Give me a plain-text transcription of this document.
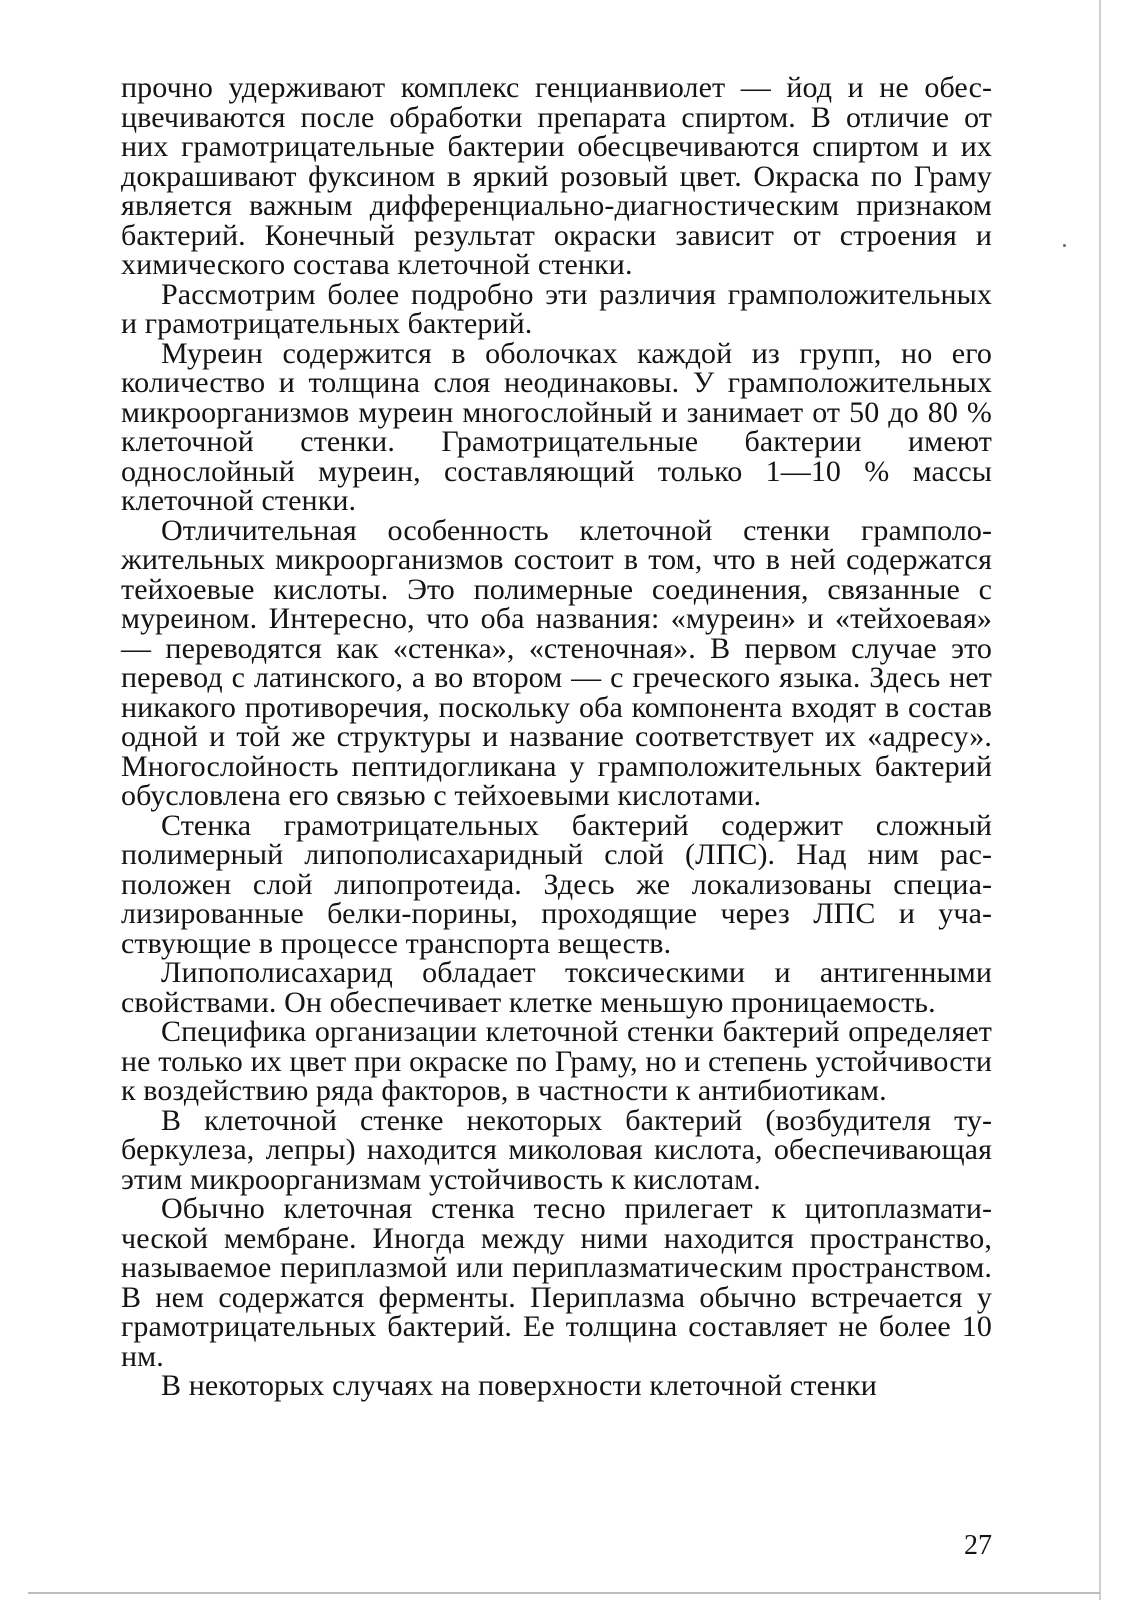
прочно удерживают комплекс генцианвиолет — йод и не обесцвечиваются после обработки препарата спиртом. В отличие от них грамотрицательные бактерии обесцвечиваются спиртом и их докрашивают фуксином в яркий розовый цвет. Окраска по Граму является важным дифференциально-диагностическим признаком бактерий. Конечный результат окраски зависит от строения и химического состава клеточной стенки.

Рассмотрим более подробно эти различия грамположительных и грамотрицательных бактерий.

Муреин содержится в оболочках каждой из групп, но его количество и толщина слоя неодинаковы. У грамположительных микроорганизмов муреин многослойный и занимает от 50 до 80 % клеточной стенки. Грамотрицательные бактерии имеют однослойный муреин, составляющий только 1—10 % массы клеточной стенки.

Отличительная особенность клеточной стенки грамположительных микроорганизмов состоит в том, что в ней содержатся тейхоевые кислоты. Это полимерные соединения, связанные с муреином. Интересно, что оба названия: «муреин» и «тейхоевая» — переводятся как «стенка», «стеночная». В первом случае это перевод с латинского, а во втором — с греческого языка. Здесь нет никакого противоречия, поскольку оба компонента входят в состав одной и той же структуры и название соответствует их «адресу». Многослойность пептидогликана у грамположительных бактерий обусловлена его связью с тейхоевыми кислотами.

Стенка грамотрицательных бактерий содержит сложный полимерный липополисахаридный слой (ЛПС). Над ним расположен слой липопротеида. Здесь же локализованы специализированные белки-порины, проходящие через ЛПС и участвующие в процессе транспорта веществ.

Липополисахарид обладает токсическими и антигенными свойствами. Он обеспечивает клетке меньшую проницаемость.

Специфика организации клеточной стенки бактерий определяет не только их цвет при окраске по Граму, но и степень устойчивости к воздействию ряда факторов, в частности к антибиотикам.

В клеточной стенке некоторых бактерий (возбудителя туберкулеза, лепры) находится миколовая кислота, обеспечивающая этим микроорганизмам устойчивость к кислотам.

Обычно клеточная стенка тесно прилегает к цитоплазматической мембране. Иногда между ними находится пространство, называемое периплазмой или периплазматическим пространством. В нем содержатся ферменты. Периплазма обычно встречается у грамотрицательных бактерий. Ее толщина составляет не более 10 нм.

В некоторых случаях на поверхности клеточной стенки

27
